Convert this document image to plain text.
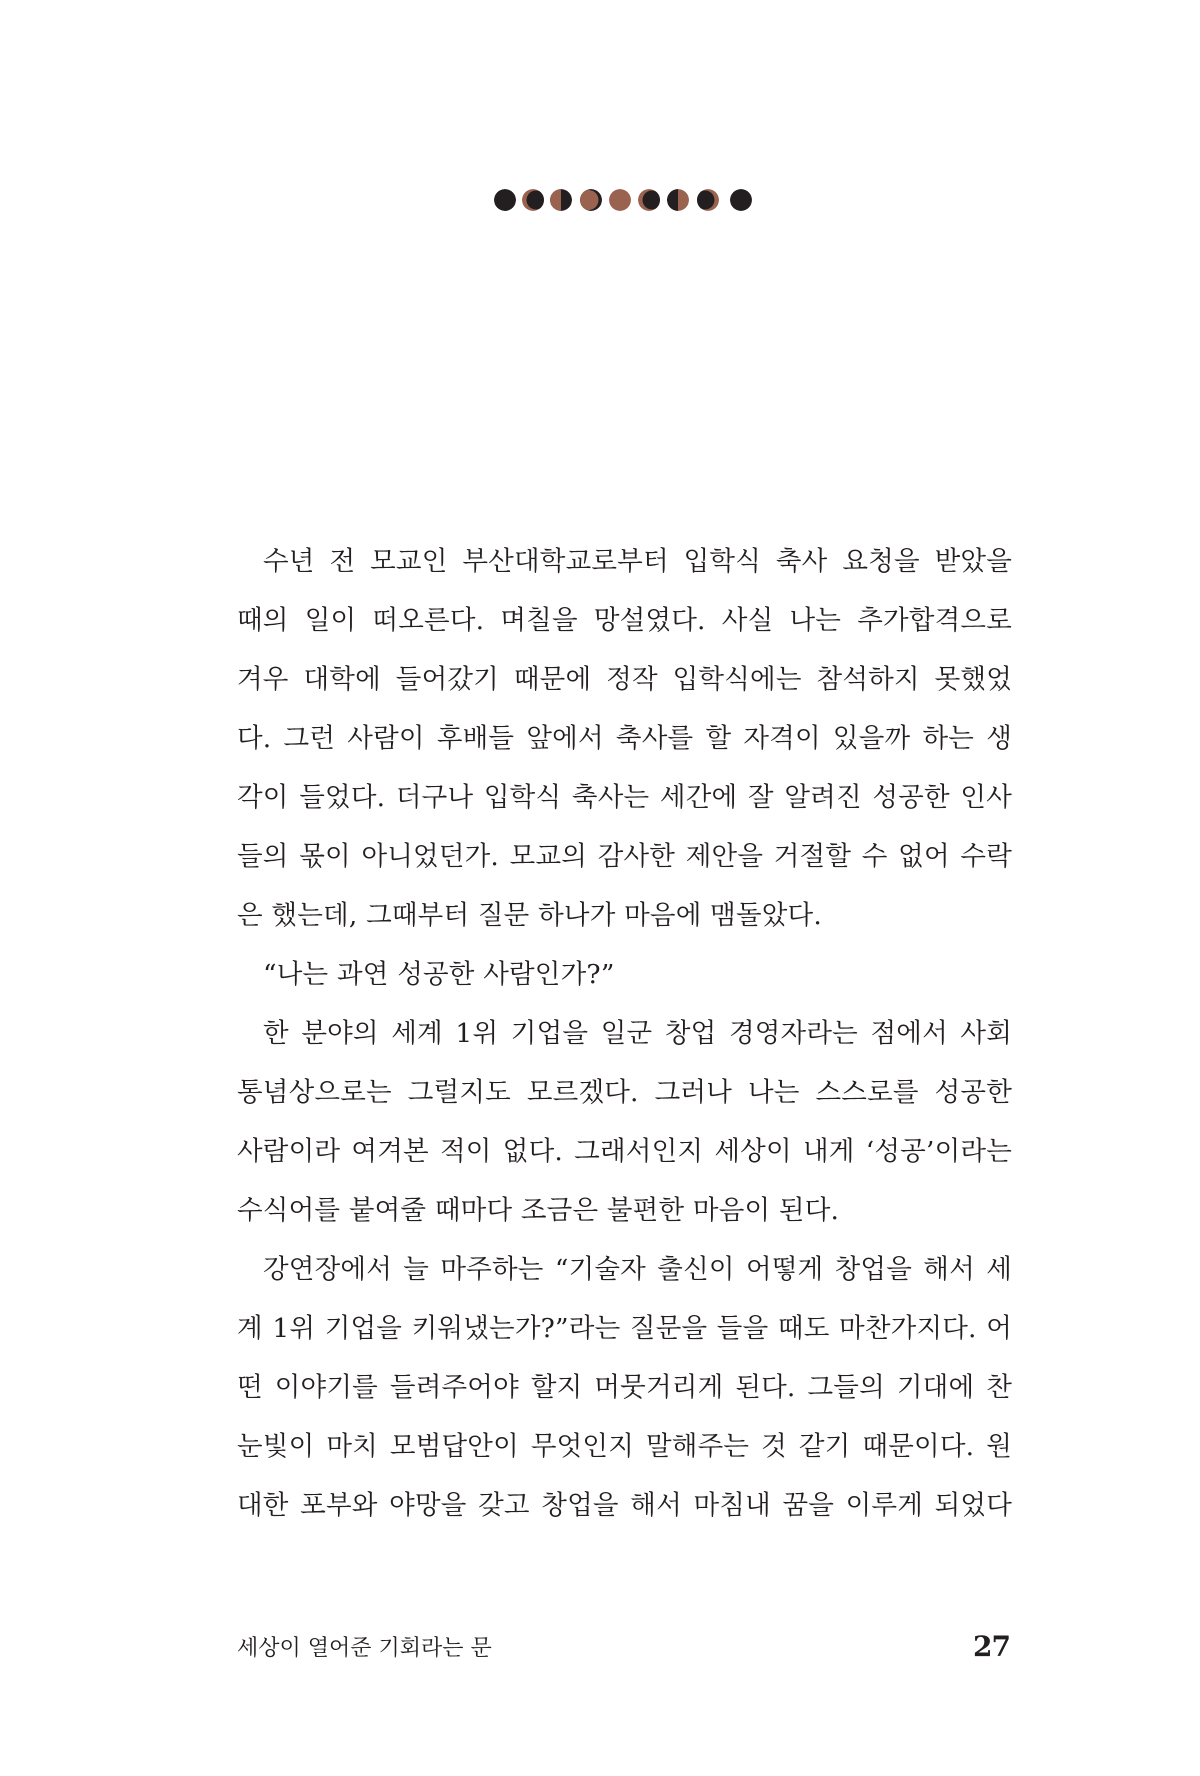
수년 전 모교인 부산대학교로부터 입학식 축사 요청을 받았을
때의 일이 떠오른다. 며칠을 망설였다. 사실 나는 추가합격으로
겨우 대학에 들어갔기 때문에 정작 입학식에는 참석하지 못했었
다. 그런 사람이 후배들 앞에서 축사를 할 자격이 있을까 하는 생
각이 들었다. 더구나 입학식 축사는 세간에 잘 알려진 성공한 인사
들의 몫이 아니었던가. 모교의 감사한 제안을 거절할 수 없어 수락
은 했는데, 그때부터 질문 하나가 마음에 맴돌았다.
“나는 과연 성공한 사람인가?”
한 분야의 세계 1위 기업을 일군 창업 경영자라는 점에서 사회
통념상으로는 그럴지도 모르겠다. 그러나 나는 스스로를 성공한
사람이라 여겨본 적이 없다. 그래서인지 세상이 내게 ‘성공’이라는
수식어를 붙여줄 때마다 조금은 불편한 마음이 된다.
강연장에서 늘 마주하는 “기술자 출신이 어떻게 창업을 해서 세
계 1위 기업을 키워냈는가?”라는 질문을 들을 때도 마찬가지다. 어
떤 이야기를 들려주어야 할지 머뭇거리게 된다. 그들의 기대에 찬
눈빛이 마치 모범답안이 무엇인지 말해주는 것 같기 때문이다. 원
대한 포부와 야망을 갖고 창업을 해서 마침내 꿈을 이루게 되었다
세상이 열어준 기회라는 문	27
